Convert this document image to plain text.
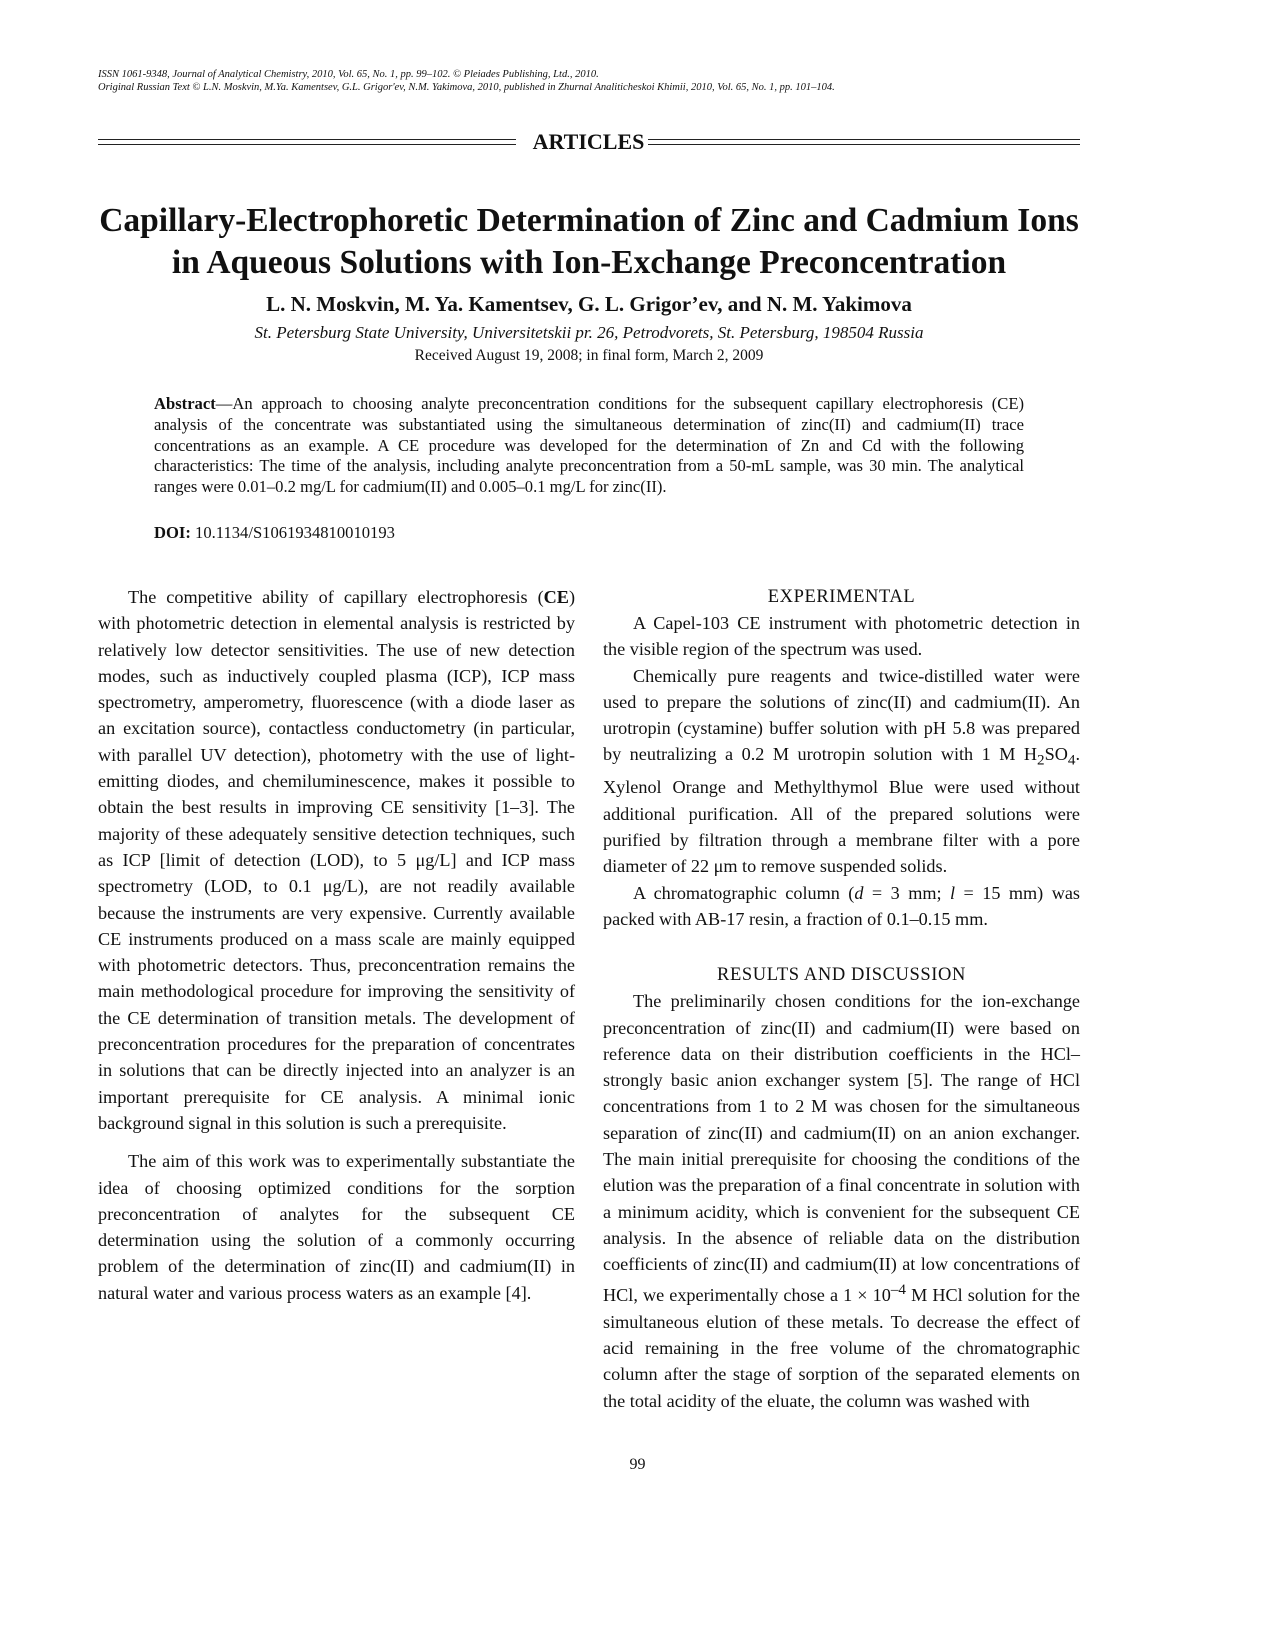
ISSN 1061-9348, Journal of Analytical Chemistry, 2010, Vol. 65, No. 1, pp. 99–102. © Pleiades Publishing, Ltd., 2010.
Original Russian Text © L.N. Moskvin, M.Ya. Kamentsev, G.L. Grigor'ev, N.M. Yakimova, 2010, published in Zhurnal Analiticheskoi Khimii, 2010, Vol. 65, No. 1, pp. 101–104.
ARTICLES
Capillary-Electrophoretic Determination of Zinc and Cadmium Ions
in Aqueous Solutions with Ion-Exchange Preconcentration
L. N. Moskvin, M. Ya. Kamentsev, G. L. Grigor’ev, and N. M. Yakimova
St. Petersburg State University, Universitetskii pr. 26, Petrodvorets, St. Petersburg, 198504 Russia
Received August 19, 2008; in final form, March 2, 2009
Abstract—An approach to choosing analyte preconcentration conditions for the subsequent capillary electrophoresis (CE) analysis of the concentrate was substantiated using the simultaneous determination of zinc(II) and cadmium(II) trace concentrations as an example. A CE procedure was developed for the determination of Zn and Cd with the following characteristics: The time of the analysis, including analyte preconcentration from a 50-mL sample, was 30 min. The analytical ranges were 0.01–0.2 mg/L for cadmium(II) and 0.005–0.1 mg/L for zinc(II).
DOI: 10.1134/S1061934810010193

The competitive ability of capillary electrophoresis (CE) with photometric detection in elemental analysis is restricted by relatively low detector sensitivities. The use of new detection modes, such as inductively coupled plasma (ICP), ICP mass spectrometry, amperometry, fluorescence (with a diode laser as an excitation source), contactless conductometry (in particular, with parallel UV detection), photometry with the use of light-emitting diodes, and chemiluminescence, makes it possible to obtain the best results in improving CE sensitivity [1–3]. The majority of these adequately sensitive detection techniques, such as ICP [limit of detection (LOD), to 5 μg/L] and ICP mass spectrometry (LOD, to 0.1 μg/L), are not readily available because the instruments are very expensive. Currently available CE instruments produced on a mass scale are mainly equipped with photometric detectors. Thus, preconcentration remains the main methodological procedure for improving the sensitivity of the CE determination of transition metals. The development of preconcentration procedures for the preparation of concentrates in solutions that can be directly injected into an analyzer is an important prerequisite for CE analysis. A minimal ionic background signal in this solution is such a prerequisite.

The aim of this work was to experimentally substantiate the idea of choosing optimized conditions for the sorption preconcentration of analytes for the subsequent CE determination using the solution of a commonly occurring problem of the determination of zinc(II) and cadmium(II) in natural water and various process waters as an example [4].

EXPERIMENTAL

A Capel-103 CE instrument with photometric detection in the visible region of the spectrum was used.

Chemically pure reagents and twice-distilled water were used to prepare the solutions of zinc(II) and cadmium(II). An urotropin (cystamine) buffer solution with pH 5.8 was prepared by neutralizing a 0.2 M urotropin solution with 1 M $H_2SO_4$. Xylenol Orange and Methylthymol Blue were used without additional purification. All of the prepared solutions were purified by filtration through a membrane filter with a pore diameter of 22 μm to remove suspended solids.

A chromatographic column (d = 3 mm; l = 15 mm) was packed with AB-17 resin, a fraction of 0.1–0.15 mm.

RESULTS AND DISCUSSION

The preliminarily chosen conditions for the ion-exchange preconcentration of zinc(II) and cadmium(II) were based on reference data on their distribution coefficients in the HCl–strongly basic anion exchanger system [5]. The range of HCl concentrations from 1 to 2 M was chosen for the simultaneous separation of zinc(II) and cadmium(II) on an anion exchanger. The main initial prerequisite for choosing the conditions of the elution was the preparation of a final concentrate in solution with a minimum acidity, which is convenient for the subsequent CE analysis. In the absence of reliable data on the distribution coefficients of zinc(II) and cadmium(II) at low concentrations of HCl, we experimentally chose a $1 \times 10^{-4}$ M HCl solution for the simultaneous elution of these metals. To decrease the effect of acid remaining in the free volume of the chromatographic column after the stage of sorption of the separated elements on the total acidity of the eluate, the column was washed with

99
